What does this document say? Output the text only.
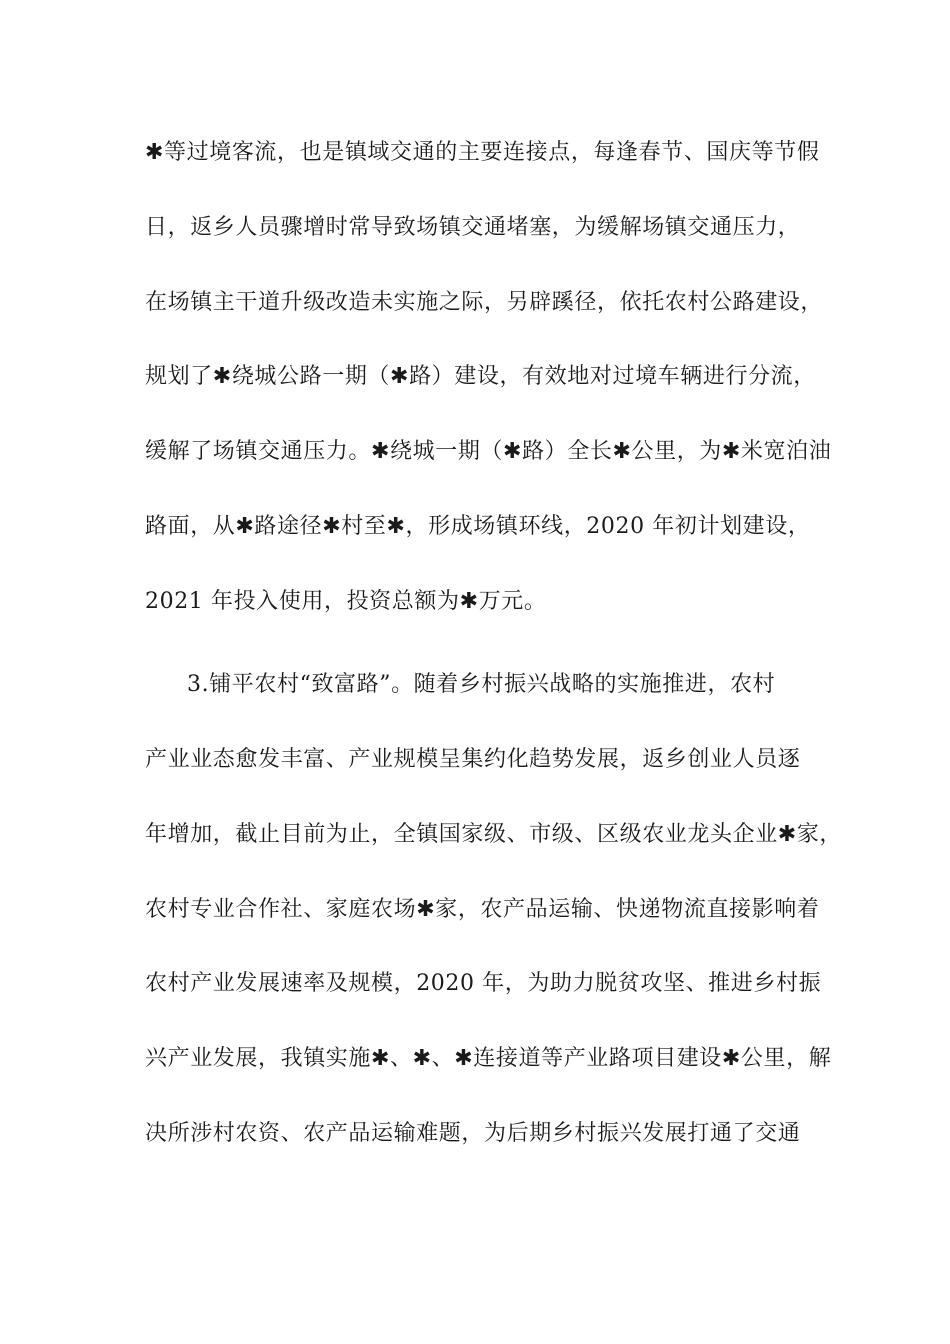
✱等过境客流，也是镇域交通的主要连接点，每逢春节、国庆等节假
日，返乡人员骤增时常导致场镇交通堵塞，为缓解场镇交通压力，
在场镇主干道升级改造未实施之际，另辟蹊径，依托农村公路建设，
规划了✱绕城公路一期（✱路）建设，有效地对过境车辆进行分流，
缓解了场镇交通压力。✱绕城一期（✱路）全长✱公里，为✱米宽泊油
路面，从✱路途径✱村至✱，形成场镇环线，2020 年初计划建设，
2021 年投入使用，投资总额为✱万元。
3.铺平农村“致富路”。随着乡村振兴战略的实施推进，农村
产业业态愈发丰富、产业规模呈集约化趋势发展，返乡创业人员逐
年增加，截止目前为止，全镇国家级、市级、区级农业龙头企业✱家，
农村专业合作社、家庭农场✱家，农产品运输、快递物流直接影响着
农村产业发展速率及规模，2020 年，为助力脱贫攻坚、推进乡村振
兴产业发展，我镇实施✱、✱、✱连接道等产业路项目建设✱公里，解
决所涉村农资、农产品运输难题，为后期乡村振兴发展打通了交通
